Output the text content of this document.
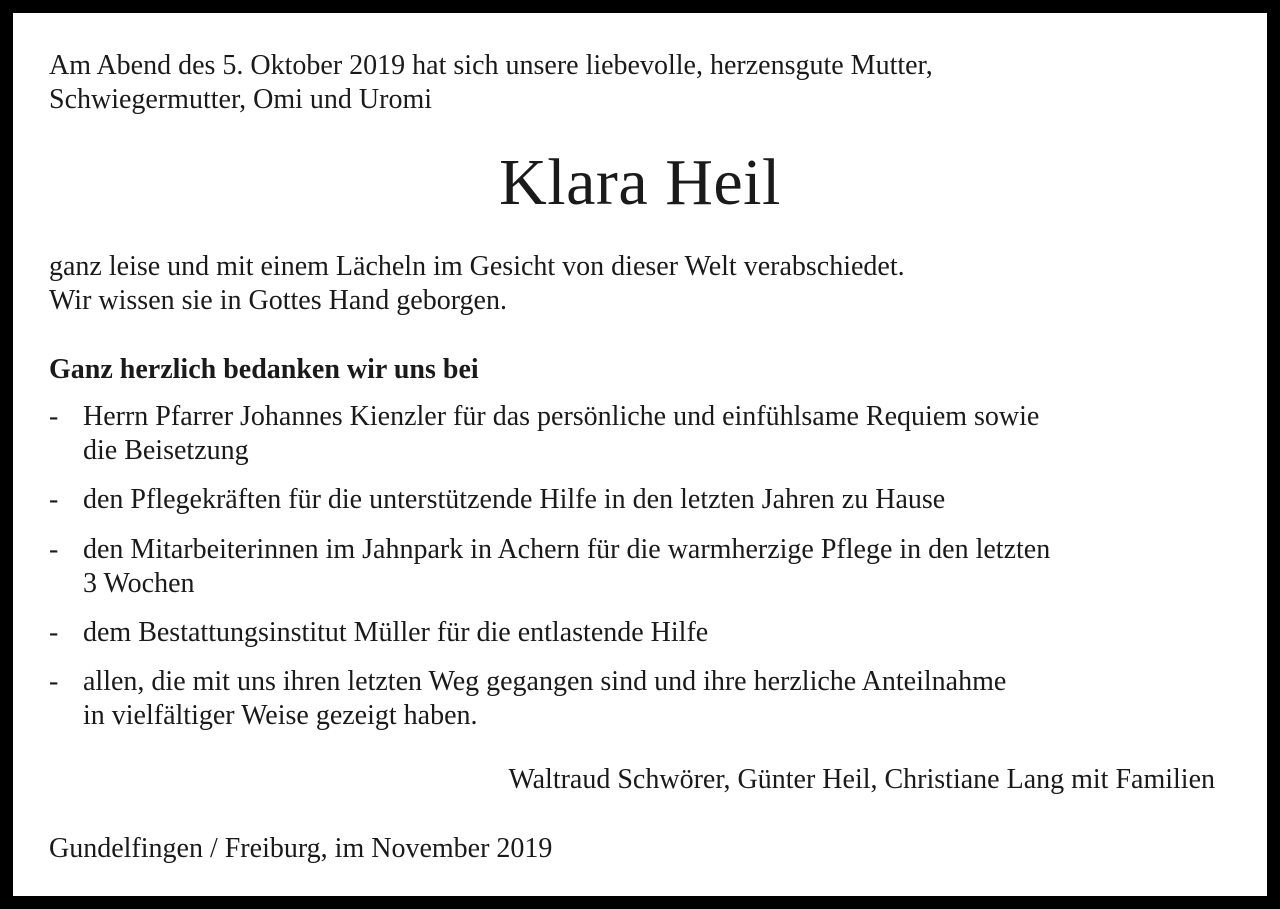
Am Abend des 5. Oktober 2019 hat sich unsere liebevolle, herzensgute Mutter,
Schwiegermutter, Omi und Uromi

Klara Heil

ganz leise und mit einem Lächeln im Gesicht von dieser Welt verabschiedet.
Wir wissen sie in Gottes Hand geborgen.

Ganz herzlich bedanken wir uns bei

- Herrn Pfarrer Johannes Kienzler für das persönliche und einfühlsame Requiem sowie
die Beisetzung
- den Pflegekräften für die unterstützende Hilfe in den letzten Jahren zu Hause
- den Mitarbeiterinnen im Jahnpark in Achern für die warmherzige Pflege in den letzten
3 Wochen
- dem Bestattungsinstitut Müller für die entlastende Hilfe
- allen, die mit uns ihren letzten Weg gegangen sind und ihre herzliche Anteilnahme
in vielfältiger Weise gezeigt haben.

Waltraud Schwörer, Günter Heil, Christiane Lang mit Familien

Gundelfingen / Freiburg, im November 2019
